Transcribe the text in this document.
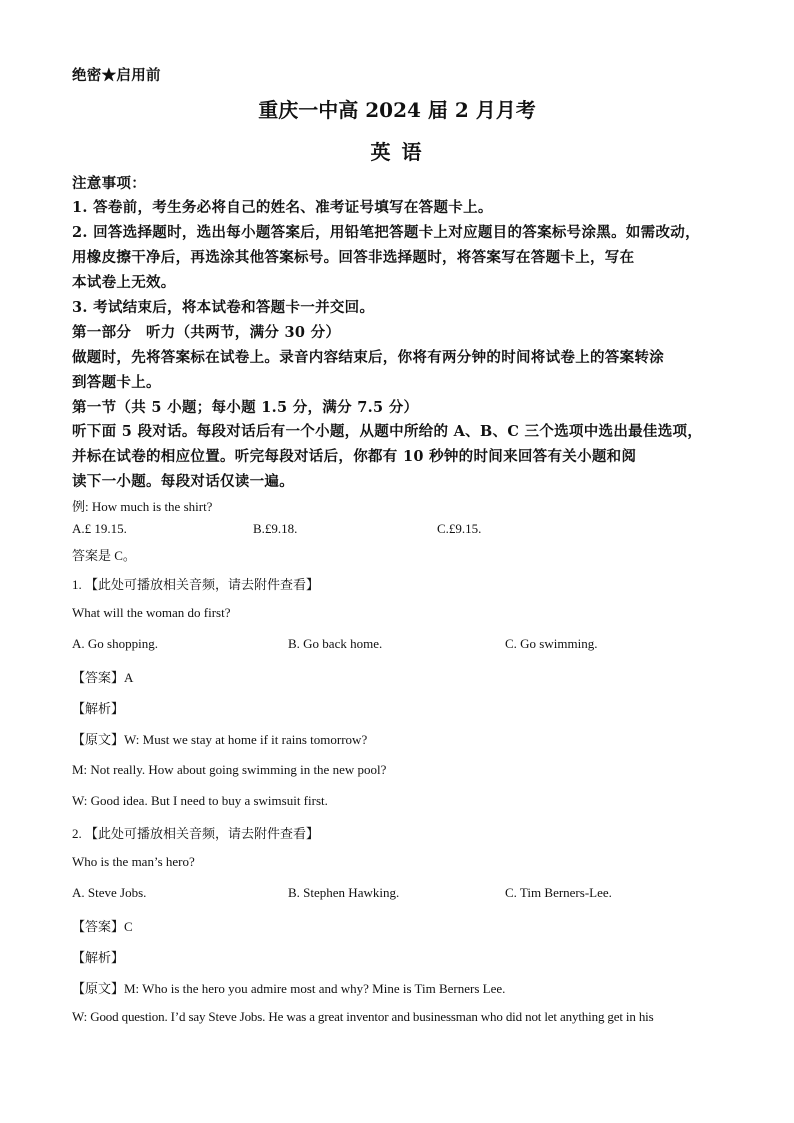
绝密★启用前
重庆一中高 2024 届 2 月月考
英 语
注意事项：
1. 答卷前，考生务必将自己的姓名、准考证号填写在答题卡上。
2. 回答选择题时，选出每小题答案后，用铅笔把答题卡上对应题目的答案标号涂黑。如需改动，
用橡皮擦干净后，再选涂其他答案标号。回答非选择题时，将答案写在答题卡上，写在
本试卷上无效。
3. 考试结束后，将本试卷和答题卡一并交回。
第一部分　听力（共两节，满分 30 分）
做题时，先将答案标在试卷上。录音内容结束后，你将有两分钟的时间将试卷上的答案转涂
到答题卡上。
第一节（共 5 小题；每小题 1.5 分，满分 7.5 分）
听下面 5 段对话。每段对话后有一个小题，从题中所给的 A、B、C 三个选项中选出最佳选项，
并标在试卷的相应位置。听完每段对话后，你都有 10 秒钟的时间来回答有关小题和阅
读下一小题。每段对话仅读一遍。
例: How much is the shirt?
A.£ 19.15.	B.£9.18.	C.£9.15.
答案是 C。
1. 【此处可播放相关音频，请去附件查看】
What will the woman do first?
A. Go shopping.	B. Go back home.	C. Go swimming.
【答案】A
【解析】
【原文】W: Must we stay at home if it rains tomorrow?
M: Not really. How about going swimming in the new pool?
W: Good idea. But I need to buy a swimsuit first.
2. 【此处可播放相关音频，请去附件查看】
Who is the man’s hero?
A. Steve Jobs.	B. Stephen Hawking.	C. Tim Berners-Lee.
【答案】C
【解析】
【原文】M: Who is the hero you admire most and why? Mine is Tim Berners Lee.
W: Good question. I’d say Steve Jobs. He was a great inventor and businessman who did not let anything get in his
